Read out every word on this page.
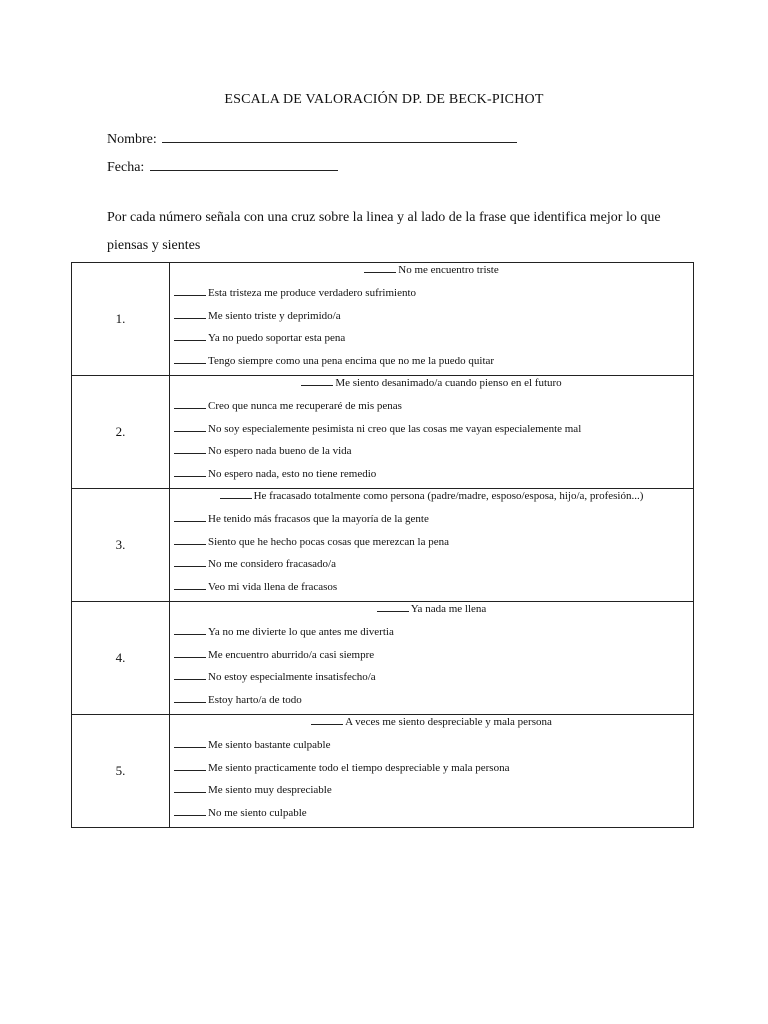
ESCALA DE VALORACIÓN DP. DE BECK-PICHOT
Nombre:
Fecha:
Por cada número señala con una cruz sobre la linea y al lado de la frase que identifica mejor lo que piensas y sientes
1.	No me encuentro triste
Esta tristeza me produce verdadero sufrimiento
Me siento triste y deprimido/a
Ya no puedo soportar esta pena
Tengo siempre como una pena encima que no me la puedo quitar

2.	Me siento desanimado/a cuando pienso en el futuro
Creo que nunca me recuperaré de mis penas
No soy especialemente pesimista ni creo que las cosas me vayan especialemente mal
No espero nada bueno de la vida
No espero nada, esto no tiene remedio

3.	He fracasado totalmente como persona (padre/madre, esposo/esposa, hijo/a, profesión...)
He tenido más fracasos que la mayoría de la gente
Siento que he hecho pocas cosas que merezcan la pena
No me considero fracasado/a
Veo mi vida llena de fracasos

4.	Ya nada me llena
Ya no me divierte lo que antes me divertia
Me encuentro aburrido/a casi siempre
No estoy especialmente insatisfecho/a
Estoy harto/a de todo

5.	A veces me siento despreciable y mala persona
Me siento bastante culpable
Me siento practicamente todo el tiempo despreciable y mala persona
Me siento muy despreciable
No me siento culpable
